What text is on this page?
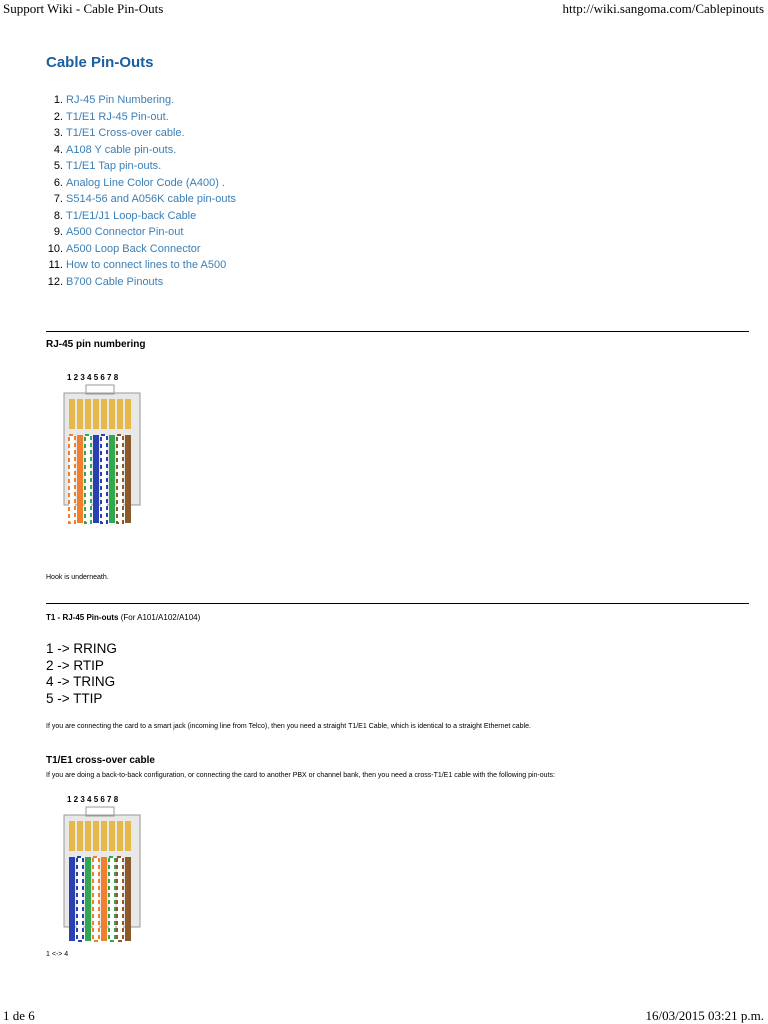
Support Wiki - Cable Pin-Outs	http://wiki.sangoma.com/Cablepinouts
Cable Pin-Outs
1. RJ-45 Pin Numbering.
2. T1/E1 RJ-45 Pin-out.
3. T1/E1 Cross-over cable.
4. A108 Y cable pin-outs.
5. T1/E1 Tap pin-outs.
6. Analog Line Color Code (A400) .
7. S514-56 and A056K cable pin-outs
8. T1/E1/J1 Loop-back Cable
9. A500 Connector Pin-out
10. A500 Loop Back Connector
11. How to connect lines to the A500
12. B700 Cable Pinouts
RJ-45 pin numbering
1 2 3 4 5 6 7 8
Hook is underneath.
T1 - RJ-45 Pin-outs (For A101/A102/A104)
1 -> RRING
2 -> RTIP
4 -> TRING
5 -> TTIP
If you are connecting the card to a smart jack (incoming line from Telco), then you need a straight T1/E1 Cable, which is identical to a straight Ethernet cable.
T1/E1 cross-over cable
If you are doing a back-to-back configuration, or connecting the card to another PBX or channel bank, then you need a cross-T1/E1 cable with the following pin-outs:
1 2 3 4 5 6 7 8
1 <-> 4
1 de 6	16/03/2015 03:21 p.m.
